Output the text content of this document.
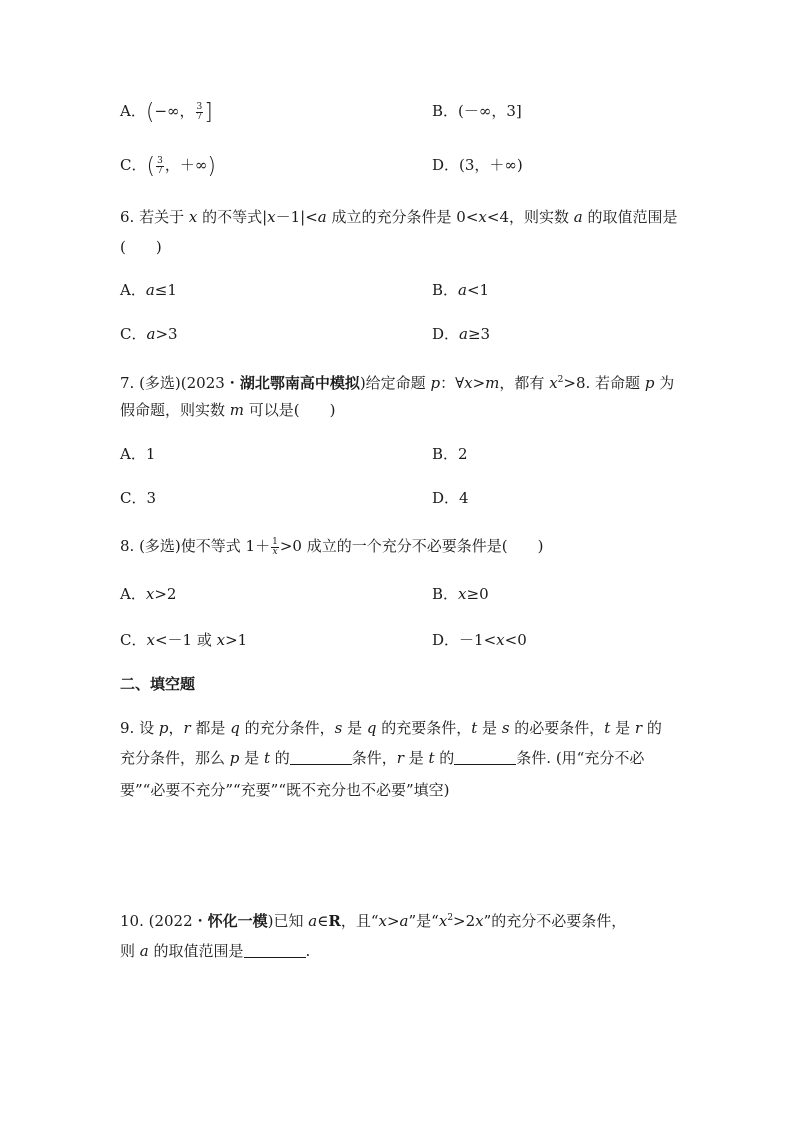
A．(−∞， $\frac{3}{7}$ ]	B．(－∞，3]
C．( $\frac{3}{7}$ ，＋∞)	D．(3，＋∞)
6. 若关于 x 的不等式|x－1|<a 成立的充分条件是 0<x<4，则实数 a 的取值范围是
(　　)
A．a≤1	B．a<1
C．a>3	D．a≥3
7. (多选)(2023・湖北鄂南高中模拟)给定命题 p：∀x>m，都有 $x^2>8$. 若命题 p 为
假命题，则实数 m 可以是(　　)
A．1	B．2
C．3	D．4
8. (多选)使不等式 $1+ \frac{1}{x} >0$ 成立的一个充分不必要条件是(　　)
A．x>2	B．x≥0
C．x<－1 或 x>1	D．－1<x<0
二、填空题
9. 设 p，r 都是 q 的充分条件，s 是 q 的充要条件，t 是 s 的必要条件，t 是 r 的
充分条件，那么 p 是 t 的	条件，r 是 t 的	条件. (用“充分不必
要”“必要不充分”“充要”“既不充分也不必要”填空)
10. (2022・怀化一模)已知 a∈R，且“x>a”是“$x^2>2x$”的充分不必要条件，
则 a 的取值范围是	.
